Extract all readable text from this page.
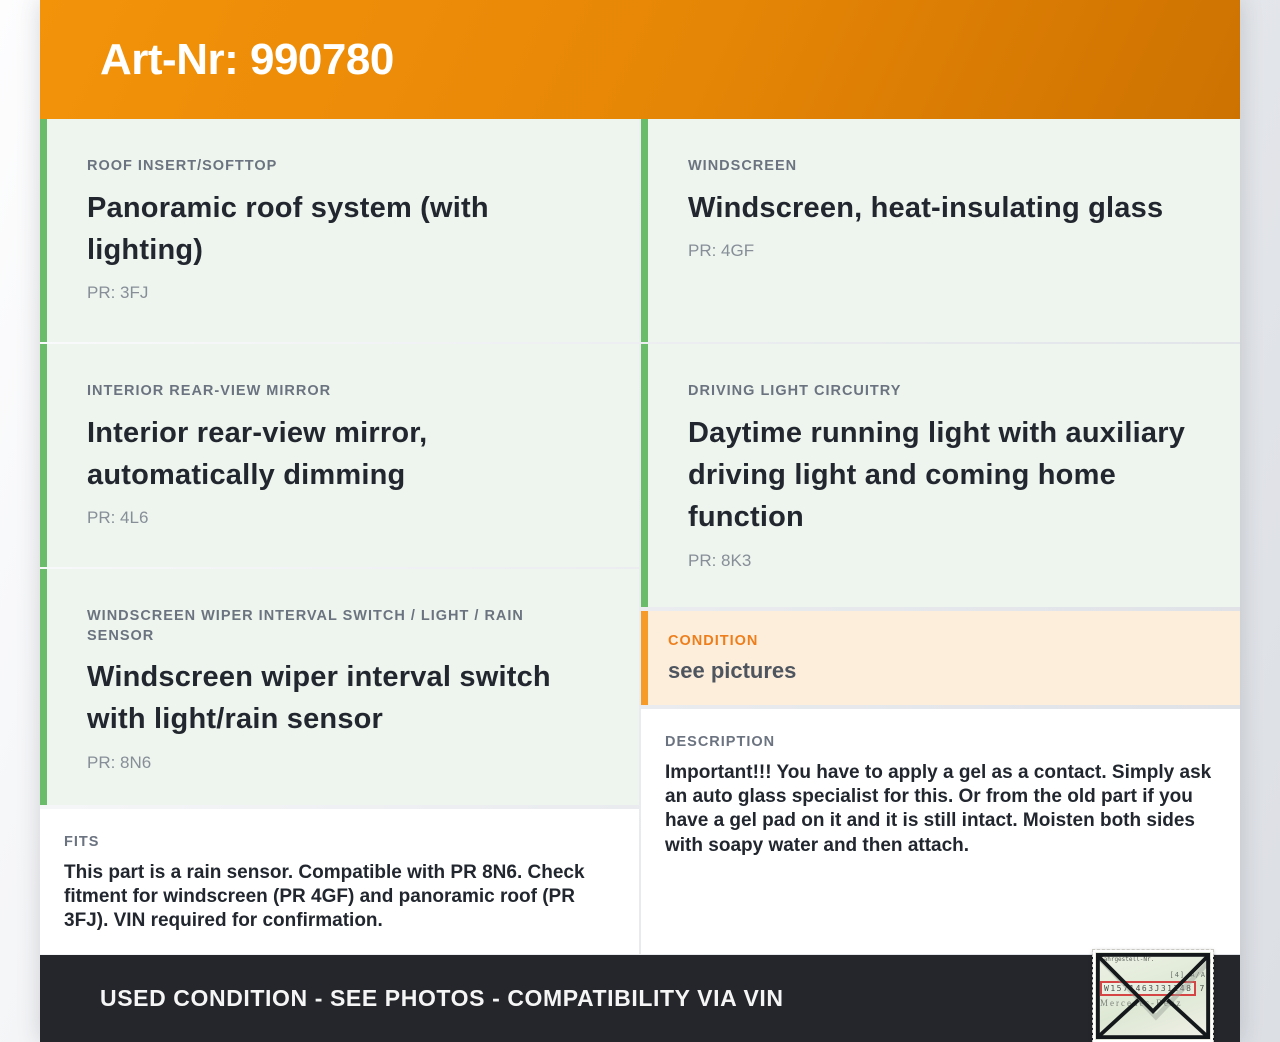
Art-Nr: 990780
ROOF INSERT/SOFTTOP
Panoramic roof system (with lighting)
PR: 3FJ
INTERIOR REAR-VIEW MIRROR
Interior rear-view mirror, automatically dimming
PR: 4L6
WINDSCREEN WIPER INTERVAL SWITCH / LIGHT / RAIN SENSOR
Windscreen wiper interval switch with light/rain sensor
PR: 8N6
FITS
This part is a rain sensor. Compatible with PR 8N6. Check fitment for windscreen (PR 4GF) and panoramic roof (PR 3FJ). VIN required for confirmation.
WINDSCREEN
Windscreen, heat-insulating glass
PR: 4GF
DRIVING LIGHT CIRCUITRY
Daytime running light with auxiliary driving light and coming home function
PR: 8K3
CONDITION
see pictures
DESCRIPTION
Important!!! You have to apply a gel as a contact. Simply ask an auto glass specialist for this. Or from the old part if you have a gel pad on it and it is still intact. Moisten both sides with soapy water and then attach.
USED CONDITION - SEE PHOTOS - COMPATIBILITY VIA VIN
Fahrgestell-Nr.
[4] A/A
W1571463J31248 7
Mercedes-Benz
